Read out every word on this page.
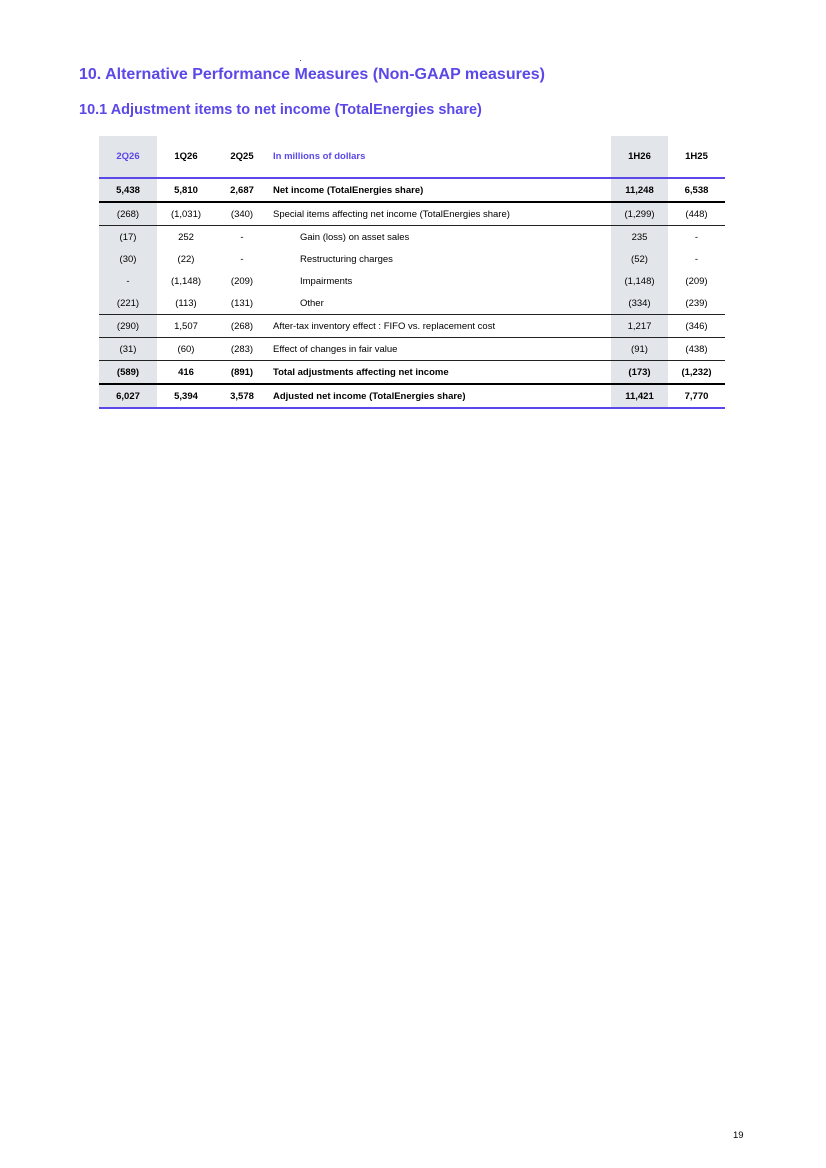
10. Alternative Performance Measures (Non-GAAP measures)
10.1 Adjustment items to net income (TotalEnergies share)
2Q26	1Q26	2Q25	In millions of dollars	1H26	1H25
5,438	5,810	2,687	Net income (TotalEnergies share)	11,248	6,538
(268)	(1,031)	(340)	Special items affecting net income (TotalEnergies share)	(1,299)	(448)
(17)	252	-	Gain (loss) on asset sales	235	-
(30)	(22)	-	Restructuring charges	(52)	-
-	(1,148)	(209)	Impairments	(1,148)	(209)
(221)	(113)	(131)	Other	(334)	(239)
(290)	1,507	(268)	After-tax inventory effect : FIFO vs. replacement cost	1,217	(346)
(31)	(60)	(283)	Effect of changes in fair value	(91)	(438)
(589)	416	(891)	Total adjustments affecting net income	(173)	(1,232)
6,027	5,394	3,578	Adjusted net income (TotalEnergies share)	11,421	7,770
19
